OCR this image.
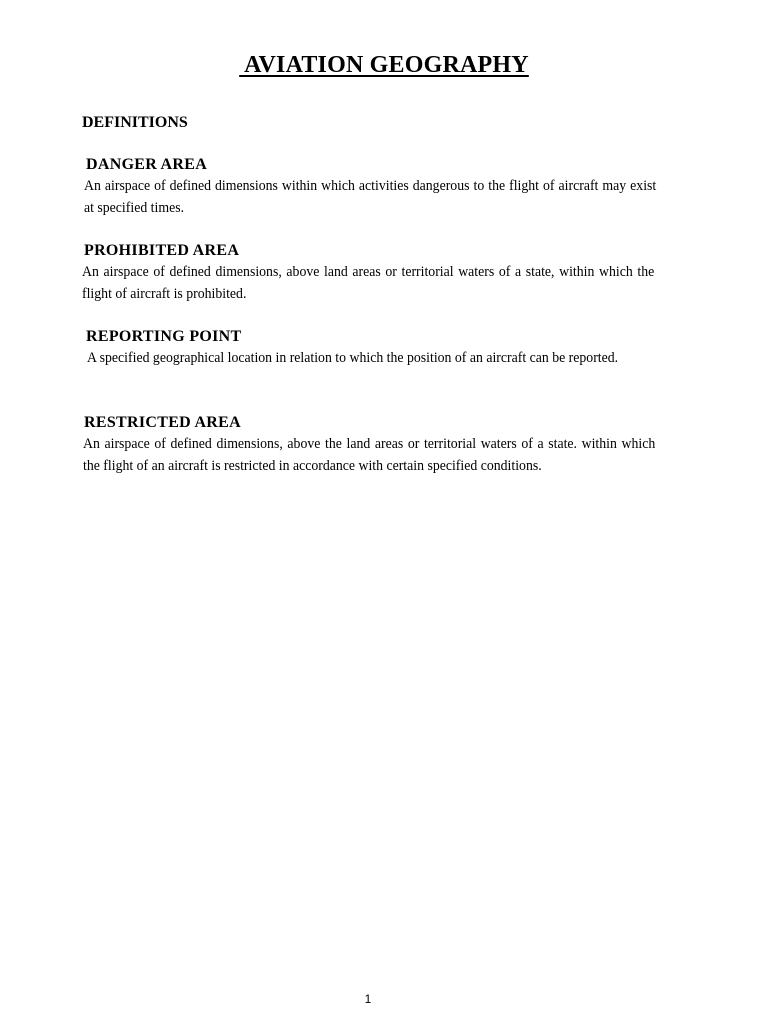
AVIATION GEOGRAPHY
DEFINITIONS
DANGER AREA

An airspace of defined dimensions within which activities dangerous to the flight of aircraft may exist at specified times.

PROHIBITED AREA

An airspace of defined dimensions, above land areas or territorial waters of a state, within which the flight of aircraft is prohibited.

REPORTING POINT

A specified geographical location in relation to which the position of an aircraft can be reported.

RESTRICTED AREA

An airspace of defined dimensions, above the land areas or territorial waters of a state. within which the flight of an aircraft is restricted in accordance with certain specified conditions.

1
